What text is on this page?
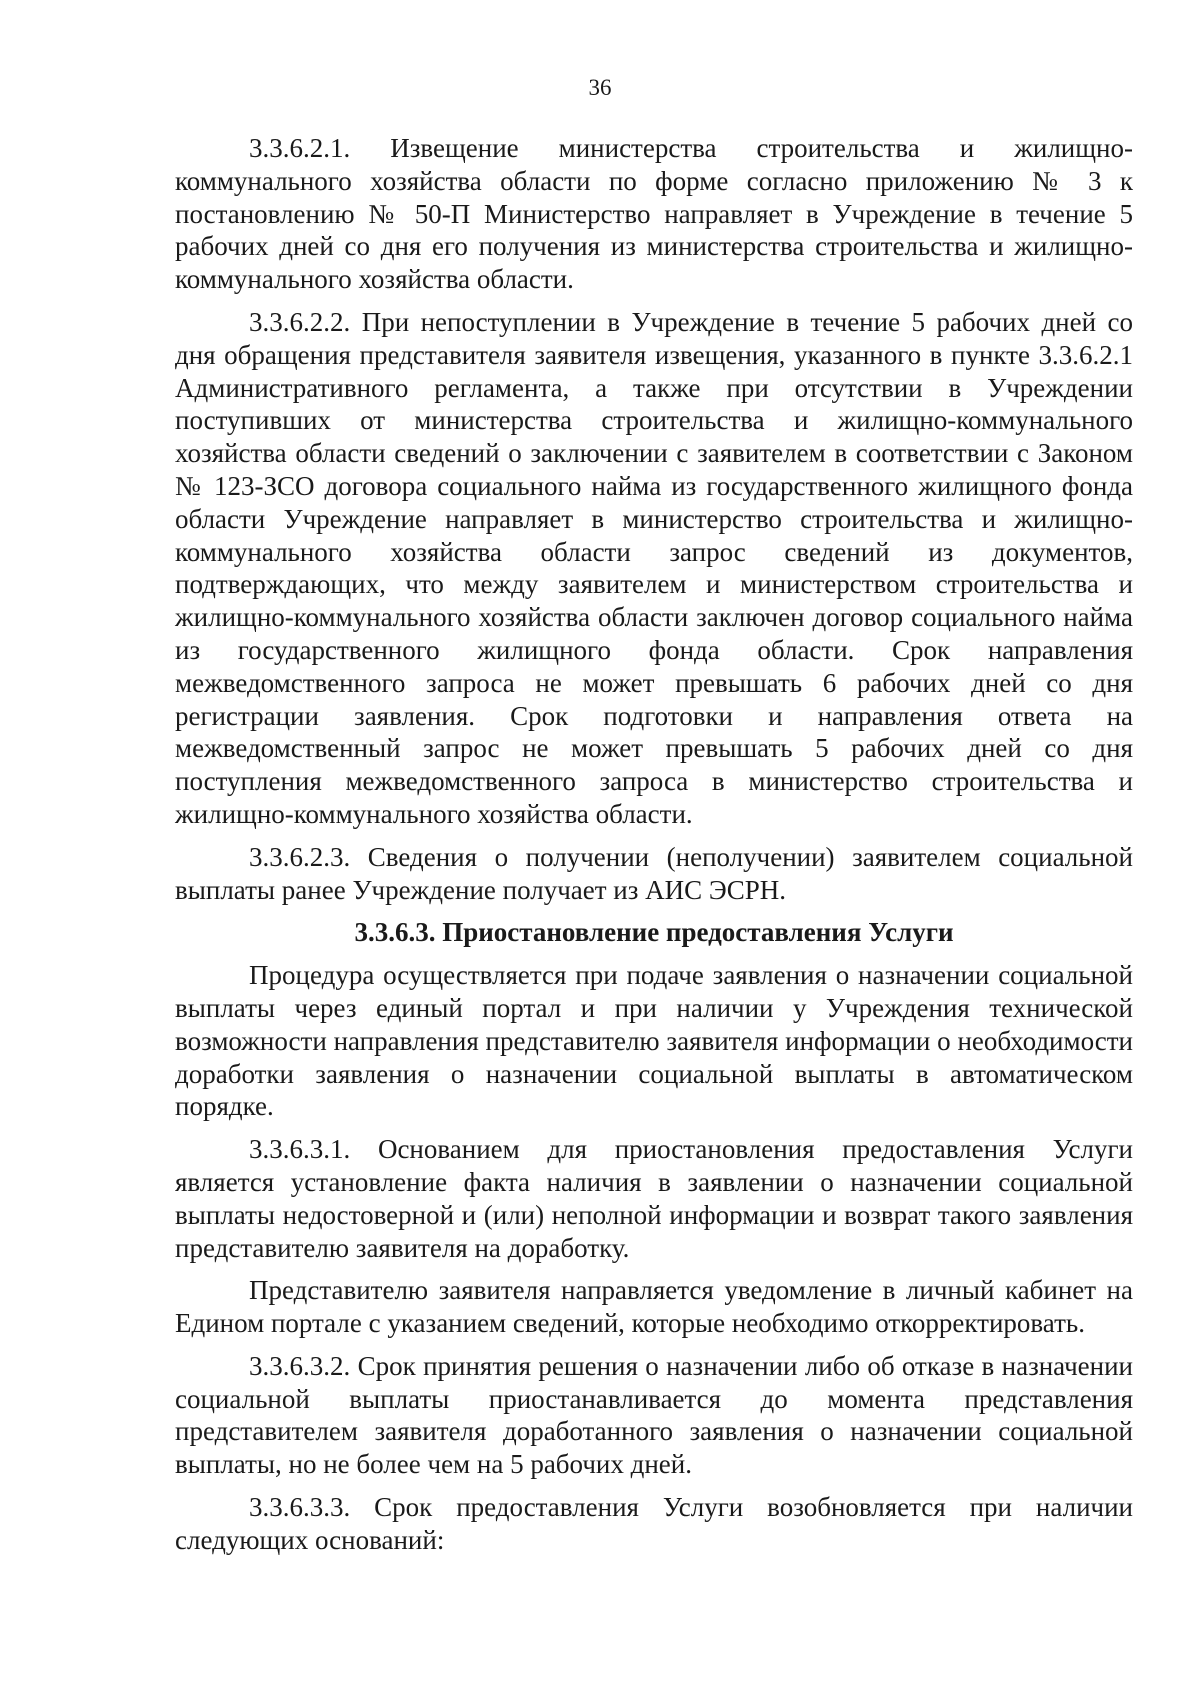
36

3.3.6.2.1. Извещение министерства строительства и жилищно-коммунального хозяйства области по форме согласно приложению № 3 к постановлению № 50-П Министерство направляет в Учреждение в течение 5 рабочих дней со дня его получения из министерства строительства и жилищно-коммунального хозяйства области.

3.3.6.2.2. При непоступлении в Учреждение в течение 5 рабочих дней со дня обращения представителя заявителя извещения, указанного в пункте 3.3.6.2.1 Административного регламента, а также при отсутствии в Учреждении поступивших от министерства строительства и жилищно-коммунального хозяйства области сведений о заключении с заявителем в соответствии с Законом № 123-ЗСО договора социального найма из государственного жилищного фонда области Учреждение направляет в министерство строительства и жилищно-коммунального хозяйства области запрос сведений из документов, подтверждающих, что между заявителем и министерством строительства и жилищно-коммунального хозяйства области заключен договор социального найма из государственного жилищного фонда области. Срок направления межведомственного запроса не может превышать 6 рабочих дней со дня регистрации заявления. Срок подготовки и направления ответа на межведомственный запрос не может превышать 5 рабочих дней со дня поступления межведомственного запроса в министерство строительства и жилищно-коммунального хозяйства области.

3.3.6.2.3. Сведения о получении (неполучении) заявителем социальной выплаты ранее Учреждение получает из АИС ЭСРН.

3.3.6.3. Приостановление предоставления Услуги

Процедура осуществляется при подаче заявления о назначении социальной выплаты через единый портал и при наличии у Учреждения технической возможности направления представителю заявителя информации о необходимости доработки заявления о назначении социальной выплаты в автоматическом порядке.

3.3.6.3.1. Основанием для приостановления предоставления Услуги является установление факта наличия в заявлении о назначении социальной выплаты недостоверной и (или) неполной информации и возврат такого заявления представителю заявителя на доработку.

Представителю заявителя направляется уведомление в личный кабинет на Едином портале с указанием сведений, которые необходимо откорректировать.

3.3.6.3.2. Срок принятия решения о назначении либо об отказе в назначении социальной выплаты приостанавливается до момента представления представителем заявителя доработанного заявления о назначении социальной выплаты, но не более чем на 5 рабочих дней.

3.3.6.3.3. Срок предоставления Услуги возобновляется при наличии следующих оснований:
